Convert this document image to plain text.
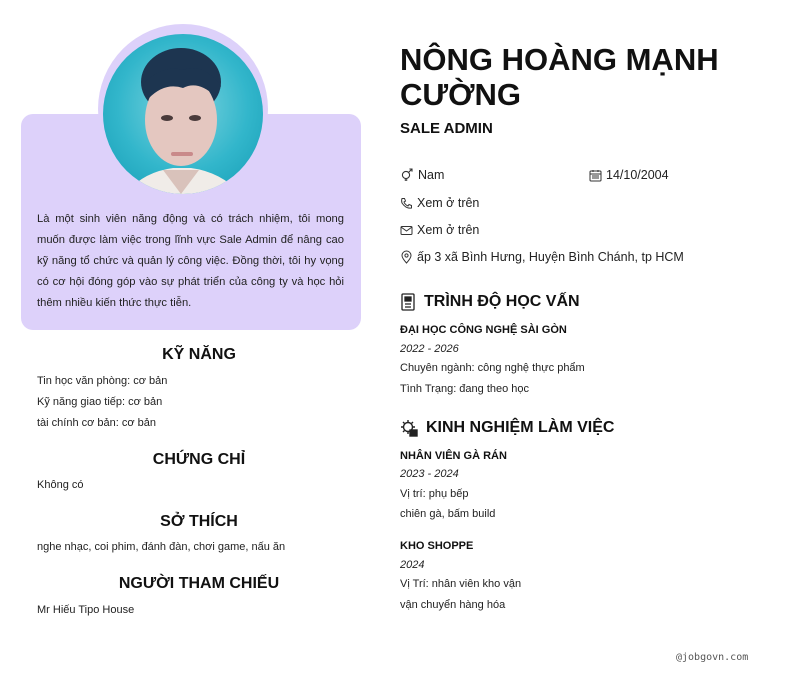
Là một sinh viên năng động và có trách nhiệm, tôi mong muốn được làm việc trong lĩnh vực Sale Admin để nâng cao kỹ năng tổ chức và quản lý công việc. Đồng thời, tôi hy vọng có cơ hội đóng góp vào sự phát triển của công ty và học hỏi thêm nhiều kiến thức thực tiễn.

KỸ NĂNG
Tin học văn phòng: cơ bản
Kỹ năng giao tiếp: cơ bản
tài chính cơ bản: cơ bản
CHỨNG CHỈ
Không có
SỞ THÍCH
nghe nhạc, coi phim, đánh đàn, chơi game, nấu ăn
NGƯỜI THAM CHIẾU
Mr Hiếu Tipo House
NÔNG HOÀNG MẠNH CƯỜNG
SALE ADMIN
Nam	14/10/2004
Xem ở trên
Xem ở trên
ấp 3 xã Bình Hưng, Huyện Bình Chánh, tp HCM
TRÌNH ĐỘ HỌC VẤN

ĐẠI HỌC CÔNG NGHỆ SÀI GÒN

2022 - 2026

Chuyên ngành: công nghệ thực phẩm

Tình Trạng: đang theo học

KINH NGHIỆM LÀM VIỆC

NHÂN VIÊN GÀ RÁN

2023 - 2024

Vị trí: phụ bếp

chiên gà, bấm build

KHO SHOPPE

2024

Vị Trí: nhân viên kho vận

vận chuyển hàng hóa

@jobgovn.com
